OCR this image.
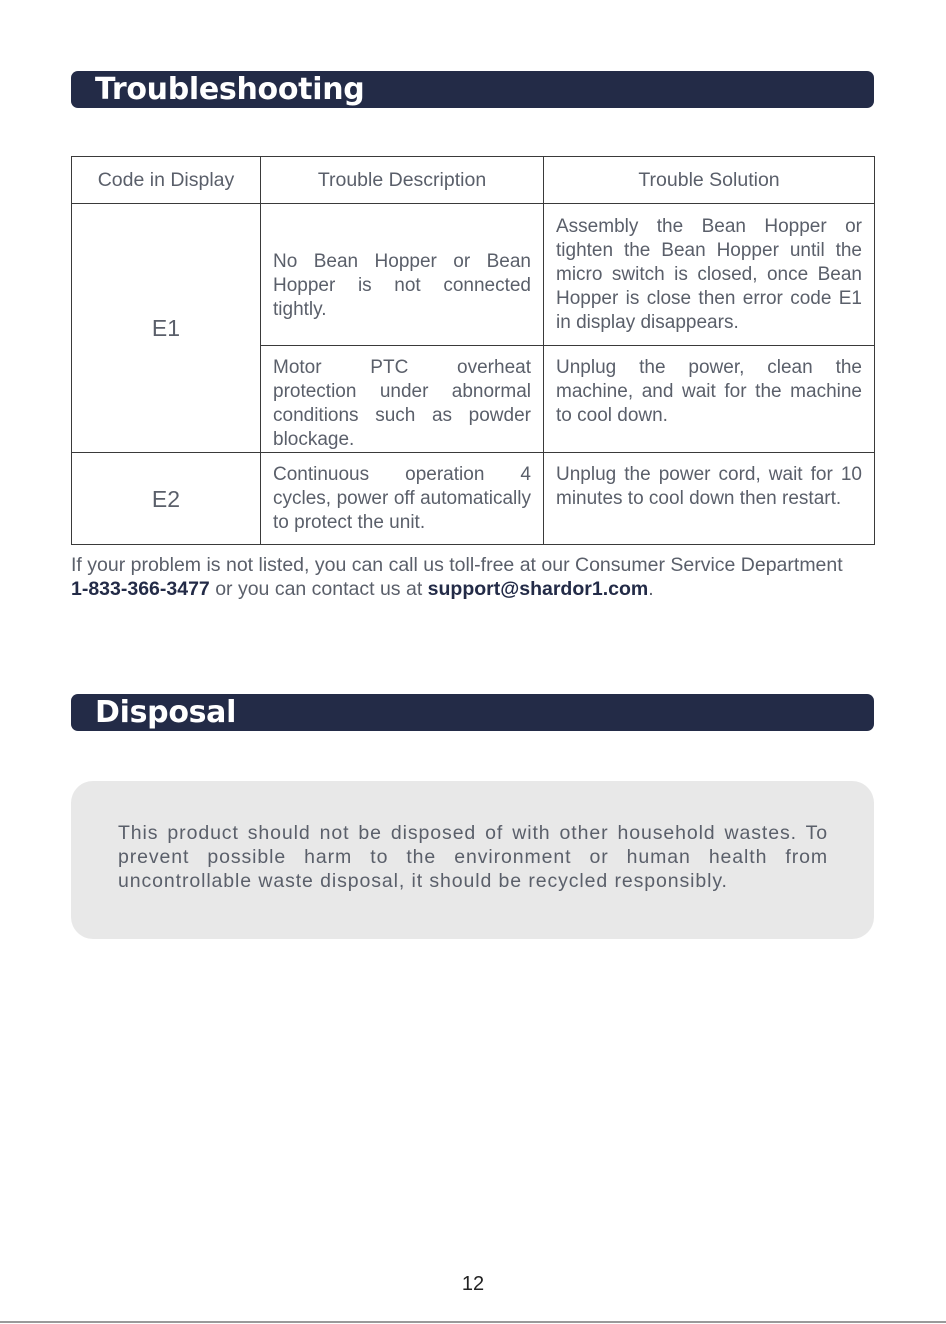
Troubleshooting
Code in Display	Trouble Description	Trouble Solution
E1	No Bean Hopper or Bean Hopper is not connected tightly.	Assembly the Bean Hopper or tighten the Bean Hopper until the micro switch is closed, once Bean Hopper is close then error code E1 in display disappears.
	Motor PTC overheat protection under abnormal conditions such as powder blockage.	Unplug the power, clean the machine, and wait for the machine to cool down.
E2	Continuous operation 4 cycles, power off automatically to protect the unit.	Unplug the power cord, wait for 10 minutes to cool down then restart.
If your problem is not listed, you can call us toll-free at our Consumer Service Department
1-833-366-3477 or you can contact us at support@shardor1.com.
Disposal

This product should not be disposed of with other household wastes. To prevent possible harm to the environment or human health from uncontrollable waste disposal, it should be recycled responsibly.

12
